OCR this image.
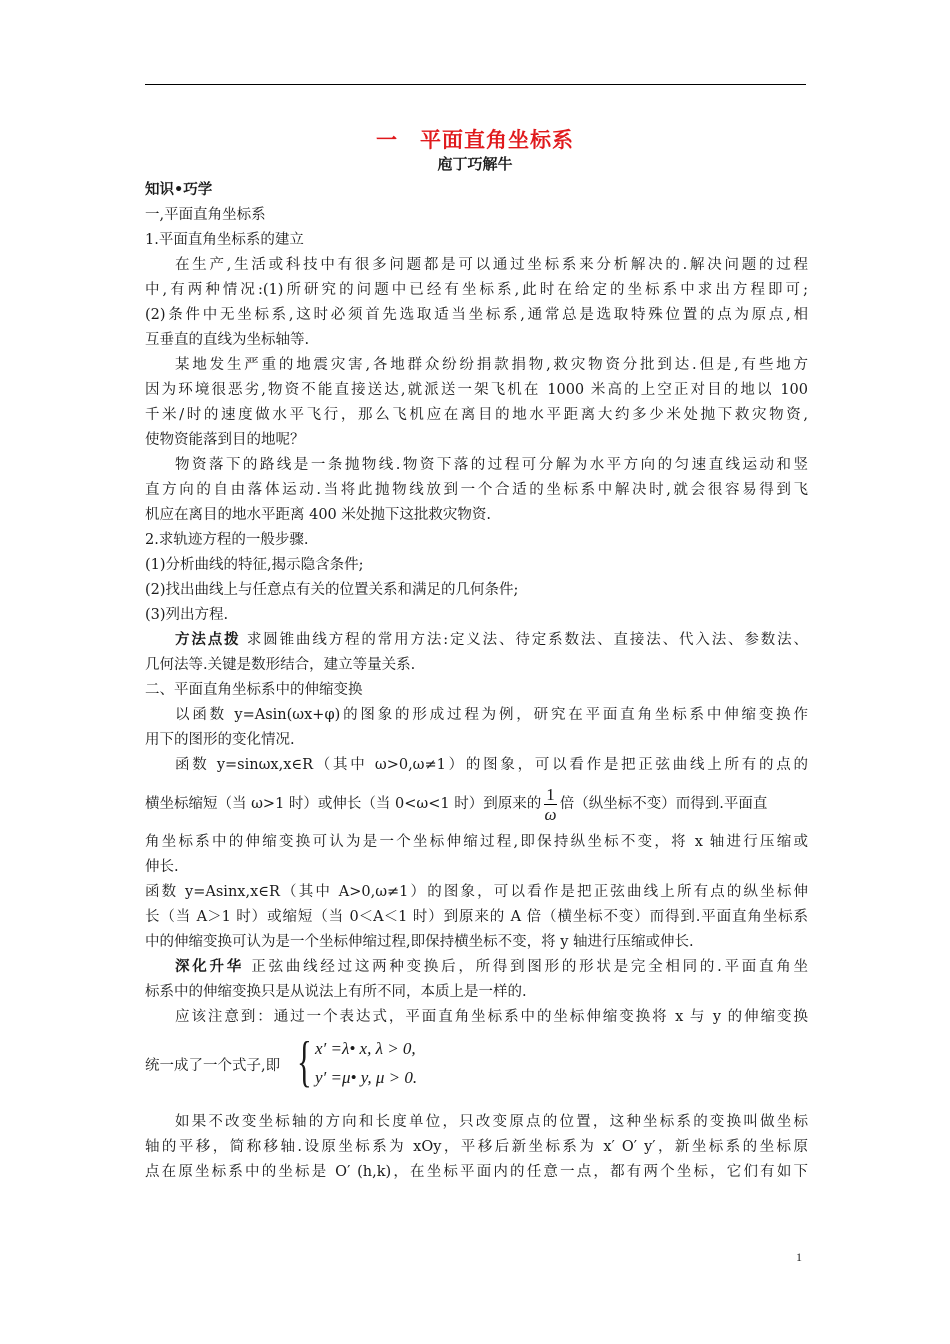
一 平面直角坐标系
庖丁巧解牛
知识•巧学
一,平面直角坐标系
1.平面直角坐标系的建立
在生产,生活或科技中有很多问题都是可以通过坐标系来分析解决的.解决问题的过程
中,有两种情况:(1)所研究的问题中已经有坐标系,此时在给定的坐标系中求出方程即可;
(2)条件中无坐标系,这时必须首先选取适当坐标系,通常总是选取特殊位置的点为原点,相
互垂直的直线为坐标轴等.
某地发生严重的地震灾害,各地群众纷纷捐款捐物,救灾物资分批到达.但是,有些地方
因为环境很恶劣,物资不能直接送达,就派送一架飞机在 1000 米高的上空正对目的地以 100
千米/时的速度做水平飞行，那么飞机应在离目的地水平距离大约多少米处抛下救灾物资,
使物资能落到目的地呢？
物资落下的路线是一条抛物线.物资下落的过程可分解为水平方向的匀速直线运动和竖
直方向的自由落体运动.当将此抛物线放到一个合适的坐标系中解决时,就会很容易得到飞
机应在离目的地水平距离 400 米处抛下这批救灾物资.
2.求轨迹方程的一般步骤.
(1)分析曲线的特征,揭示隐含条件;
(2)找出曲线上与任意点有关的位置关系和满足的几何条件;
(3)列出方程.
方法点拨 求圆锥曲线方程的常用方法:定义法、待定系数法、直接法、代入法、参数法、
几何法等.关键是数形结合，建立等量关系.
二、平面直角坐标系中的伸缩变换
以函数 y=Asin(ωx+φ)的图象的形成过程为例，研究在平面直角坐标系中伸缩变换作
用下的图形的变化情况.
函数 y=sinωx,x∈R（其中 ω>0,ω≠1）的图象，可以看作是把正弦曲线上所有的点的
横坐标缩短（当 ω>1 时）或伸长（当 0<ω<1 时）到原来的 $\frac{1}{\omega}$ 倍（纵坐标不变）而得到.平面直
角坐标系中的伸缩变换可认为是一个坐标伸缩过程,即保持纵坐标不变，将 x 轴进行压缩或
伸长.
函数 y=Asinx,x∈R（其中 A>0,ω≠1）的图象，可以看作是把正弦曲线上所有点的纵坐标伸
长（当 A＞1 时）或缩短（当 0＜A＜1 时）到原来的 A 倍（横坐标不变）而得到.平面直角坐标系
中的伸缩变换可认为是一个坐标伸缩过程,即保持横坐标不变，将 y 轴进行压缩或伸长.
深化升华 正弦曲线经过这两种变换后，所得到图形的形状是完全相同的.平面直角坐
标系中的伸缩变换只是从说法上有所不同，本质上是一样的.
应该注意到：通过一个表达式，平面直角坐标系中的坐标伸缩变换将 x 与 y 的伸缩变换
统一成了一个式子,即 { x′ =λ• x, λ > 0,
y′ =μ• y, μ > 0.
如果不改变坐标轴的方向和长度单位，只改变原点的位置，这种坐标系的变换叫做坐标
轴的平移，简称移轴.设原坐标系为 xOy，平移后新坐标系为 x′ O′ y′，新坐标系的坐标原
点在原坐标系中的坐标是 O′ (h,k)，在坐标平面内的任意一点，都有两个坐标，它们有如下
1
